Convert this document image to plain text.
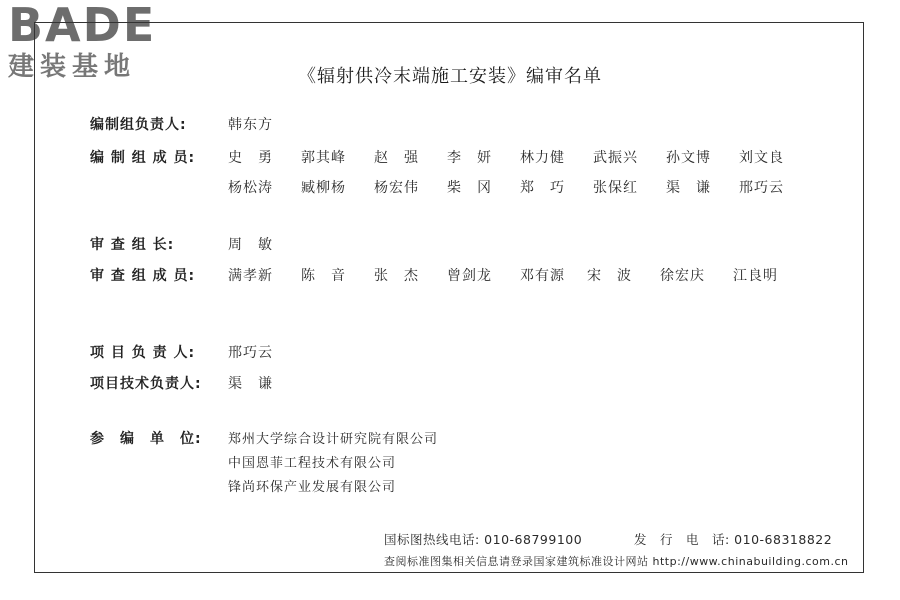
BADE
建装基地	《辐射供冷末端施工安装》编审名单
编制组负责人:	韩东方
编 制 组 成 员: 史　勇 郭其峰 赵　强 李　妍 林力健 武振兴 孙文博 刘文良
杨松涛 臧柳杨 杨宏伟 柴　冈 郑　巧 张保红 渠　谦 邢巧云
审 查 组 长:	周　敏
审 查 组 成 员: 满孝新 陈　音 张　杰 曾剑龙 邓有源 宋　波 徐宏庆 江良明
项 目 负 责 人: 邢巧云
项目技术负责人: 渠　谦
参　编　单　位: 郑州大学综合设计研究院有限公司
中国恩菲工程技术有限公司
锋尚环保产业发展有限公司
国标图热线电话: 010-68799100	发　行　电　话: 010-68318822
查阅标准图集相关信息请登录国家建筑标准设计网站 http://www.chinabuilding.com.cn
